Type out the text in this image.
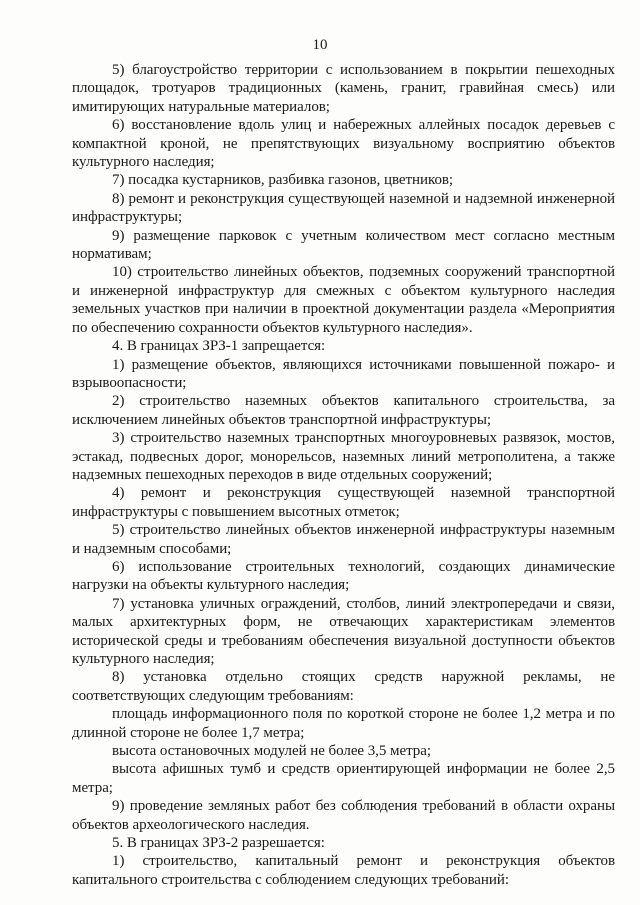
10

5) благоустройство территории с использованием в покрытии пешеходных площадок, тротуаров традиционных (камень, гранит, гравийная смесь) или имитирующих натуральные материалов;

6) восстановление вдоль улиц и набережных аллейных посадок деревьев с компактной кроной, не препятствующих визуальному восприятию объектов культурного наследия;

7) посадка кустарников, разбивка газонов, цветников;

8) ремонт и реконструкция существующей наземной и надземной инженерной инфраструктуры;

9) размещение парковок с учетным количеством мест согласно местным нормативам;

10) строительство линейных объектов, подземных сооружений транспортной и инженерной инфраструктур для смежных с объектом культурного наследия земельных участков при наличии в проектной документации раздела «Мероприятия по обеспечению сохранности объектов культурного наследия».

4. В границах ЗРЗ-1 запрещается:

1) размещение объектов, являющихся источниками повышенной пожаро- и взрывоопасности;

2) строительство наземных объектов капитального строительства, за исключением линейных объектов транспортной инфраструктуры;

3) строительство наземных транспортных многоуровневых развязок, мостов, эстакад, подвесных дорог, монорельсов, наземных линий метрополитена, а также надземных пешеходных переходов в виде отдельных сооружений;

4) ремонт и реконструкция существующей наземной транспортной инфраструктуры с повышением высотных отметок;

5) строительство линейных объектов инженерной инфраструктуры наземным и надземным способами;

6) использование строительных технологий, создающих динамические нагрузки на объекты культурного наследия;

7) установка уличных ограждений, столбов, линий электропередачи и связи, малых архитектурных форм, не отвечающих характеристикам элементов исторической среды и требованиям обеспечения визуальной доступности объектов культурного наследия;

8) установка отдельно стоящих средств наружной рекламы, не соответствующих следующим требованиям:

площадь информационного поля по короткой стороне не более 1,2 метра и по длинной стороне не более 1,7 метра;

высота остановочных модулей не более 3,5 метра;

высота афишных тумб и средств ориентирующей информации не более 2,5 метра;

9) проведение земляных работ без соблюдения требований в области охраны объектов археологического наследия.

5. В границах ЗРЗ-2 разрешается:

1) строительство, капитальный ремонт и реконструкция объектов капитального строительства с соблюдением следующих требований:
